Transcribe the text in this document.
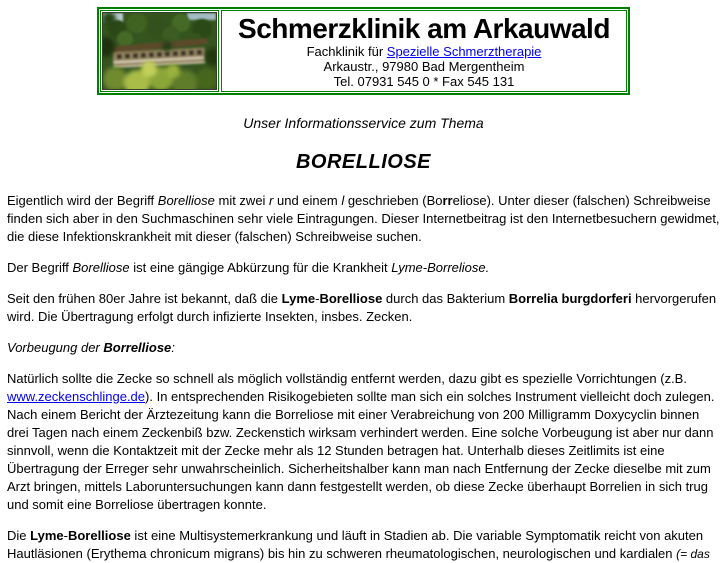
Schmerzklinik am Arkauwald
Fachklinik für Spezielle Schmerztherapie
Arkaustr., 97980 Bad Mergentheim
Tel. 07931 545 0 * Fax 545 131
Unser Informationsservice zum Thema
BORELLIOSE

Eigentlich wird der Begriff Borelliose mit zwei r und einem l geschrieben (Borreliose). Unter dieser (falschen) Schreibweise finden sich aber in den Suchmaschinen sehr viele Eintragungen. Dieser Internetbeitrag ist den Internetbesuchern gewidmet, die diese Infektionskrankheit mit dieser (falschen) Schreibweise suchen.

Der Begriff Borelliose ist eine gängige Abkürzung für die Krankheit Lyme-Borreliose.

Seit den frühen 80er Jahre ist bekannt, daß die Lyme-Borelliose durch das Bakterium Borrelia burgdorferi hervorgerufen wird. Die Übertragung erfolgt durch infizierte Insekten, insbes. Zecken.

Vorbeugung der Borrelliose:

Natürlich sollte die Zecke so schnell als möglich vollständig entfernt werden, dazu gibt es spezielle Vorrichtungen (z.B. www.zeckenschlinge.de). In entsprechenden Risikogebieten sollte man sich ein solches Instrument vielleicht doch zulegen. Nach einem Bericht der Ärztezeitung kann die Borreliose mit einer Verabreichung von 200 Milligramm Doxycyclin binnen drei Tagen nach einem Zeckenbiß bzw. Zeckenstich wirksam verhindert werden. Eine solche Vorbeugung ist aber nur dann sinnvoll, wenn die Kontaktzeit mit der Zecke mehr als 12 Stunden betragen hat. Unterhalb dieses Zeitlimits ist eine Übertragung der Erreger sehr unwahrscheinlich. Sicherheitshalber kann man nach Entfernung der Zecke dieselbe mit zum Arzt bringen, mittels Laboruntersuchungen kann dann festgestellt werden, ob diese Zecke überhaupt Borrelien in sich trug und somit eine Borreliose übertragen konnte.

Die Lyme-Borelliose ist eine Multisystemerkrankung und läuft in Stadien ab. Die variable Symptomatik reicht von akuten Hautläsionen (Erythema chronicum migrans) bis hin zu schweren rheumatologischen, neurologischen und kardialen (= das
